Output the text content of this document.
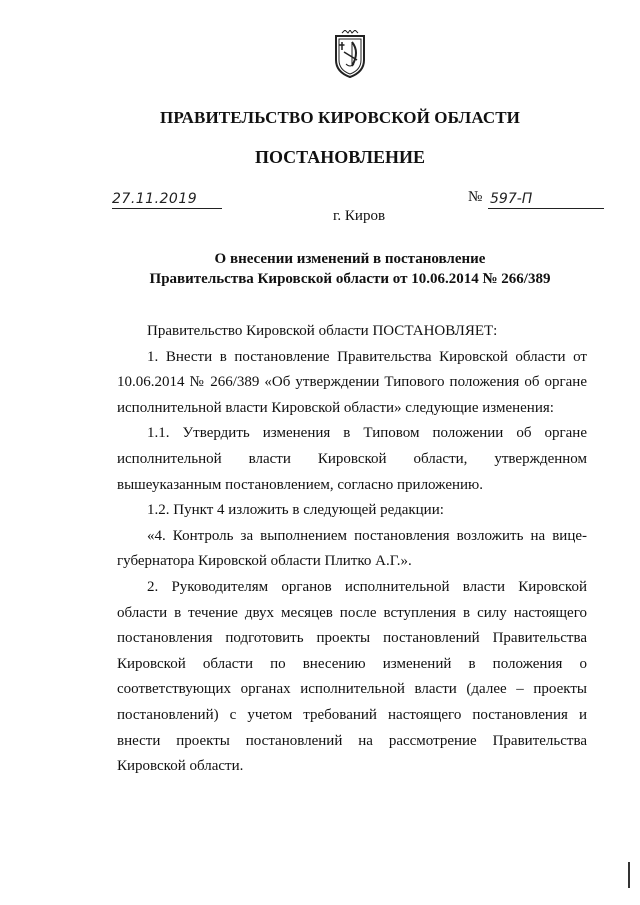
ПРАВИТЕЛЬСТВО КИРОВСКОЙ ОБЛАСТИ
ПОСТАНОВЛЕНИЕ
27.11.2019	№ 597-П
г. Киров
О внесении изменений в постановление
Правительства Кировской области от 10.06.2014 № 266/389

Правительство Кировской области ПОСТАНОВЛЯЕТ:

1. Внести в постановление Правительства Кировской области от 10.06.2014 № 266/389 «Об утверждении Типового положения об органе исполнительной власти Кировской области» следующие изменения:

1.1. Утвердить изменения в Типовом положении об органе исполнительной власти Кировской области, утвержденном вышеуказанным постановлением, согласно приложению.

1.2. Пункт 4 изложить в следующей редакции:

«4. Контроль за выполнением постановления возложить на вице-губернатора Кировской области Плитко А.Г.».

2. Руководителям органов исполнительной власти Кировской области в течение двух месяцев после вступления в силу настоящего постановления подготовить проекты постановлений Правительства Кировской области по внесению изменений в положения о соответствующих органах исполнительной власти (далее – проекты постановлений) с учетом требований настоящего постановления и внести проекты постановлений на рассмотрение Правительства Кировской области.
